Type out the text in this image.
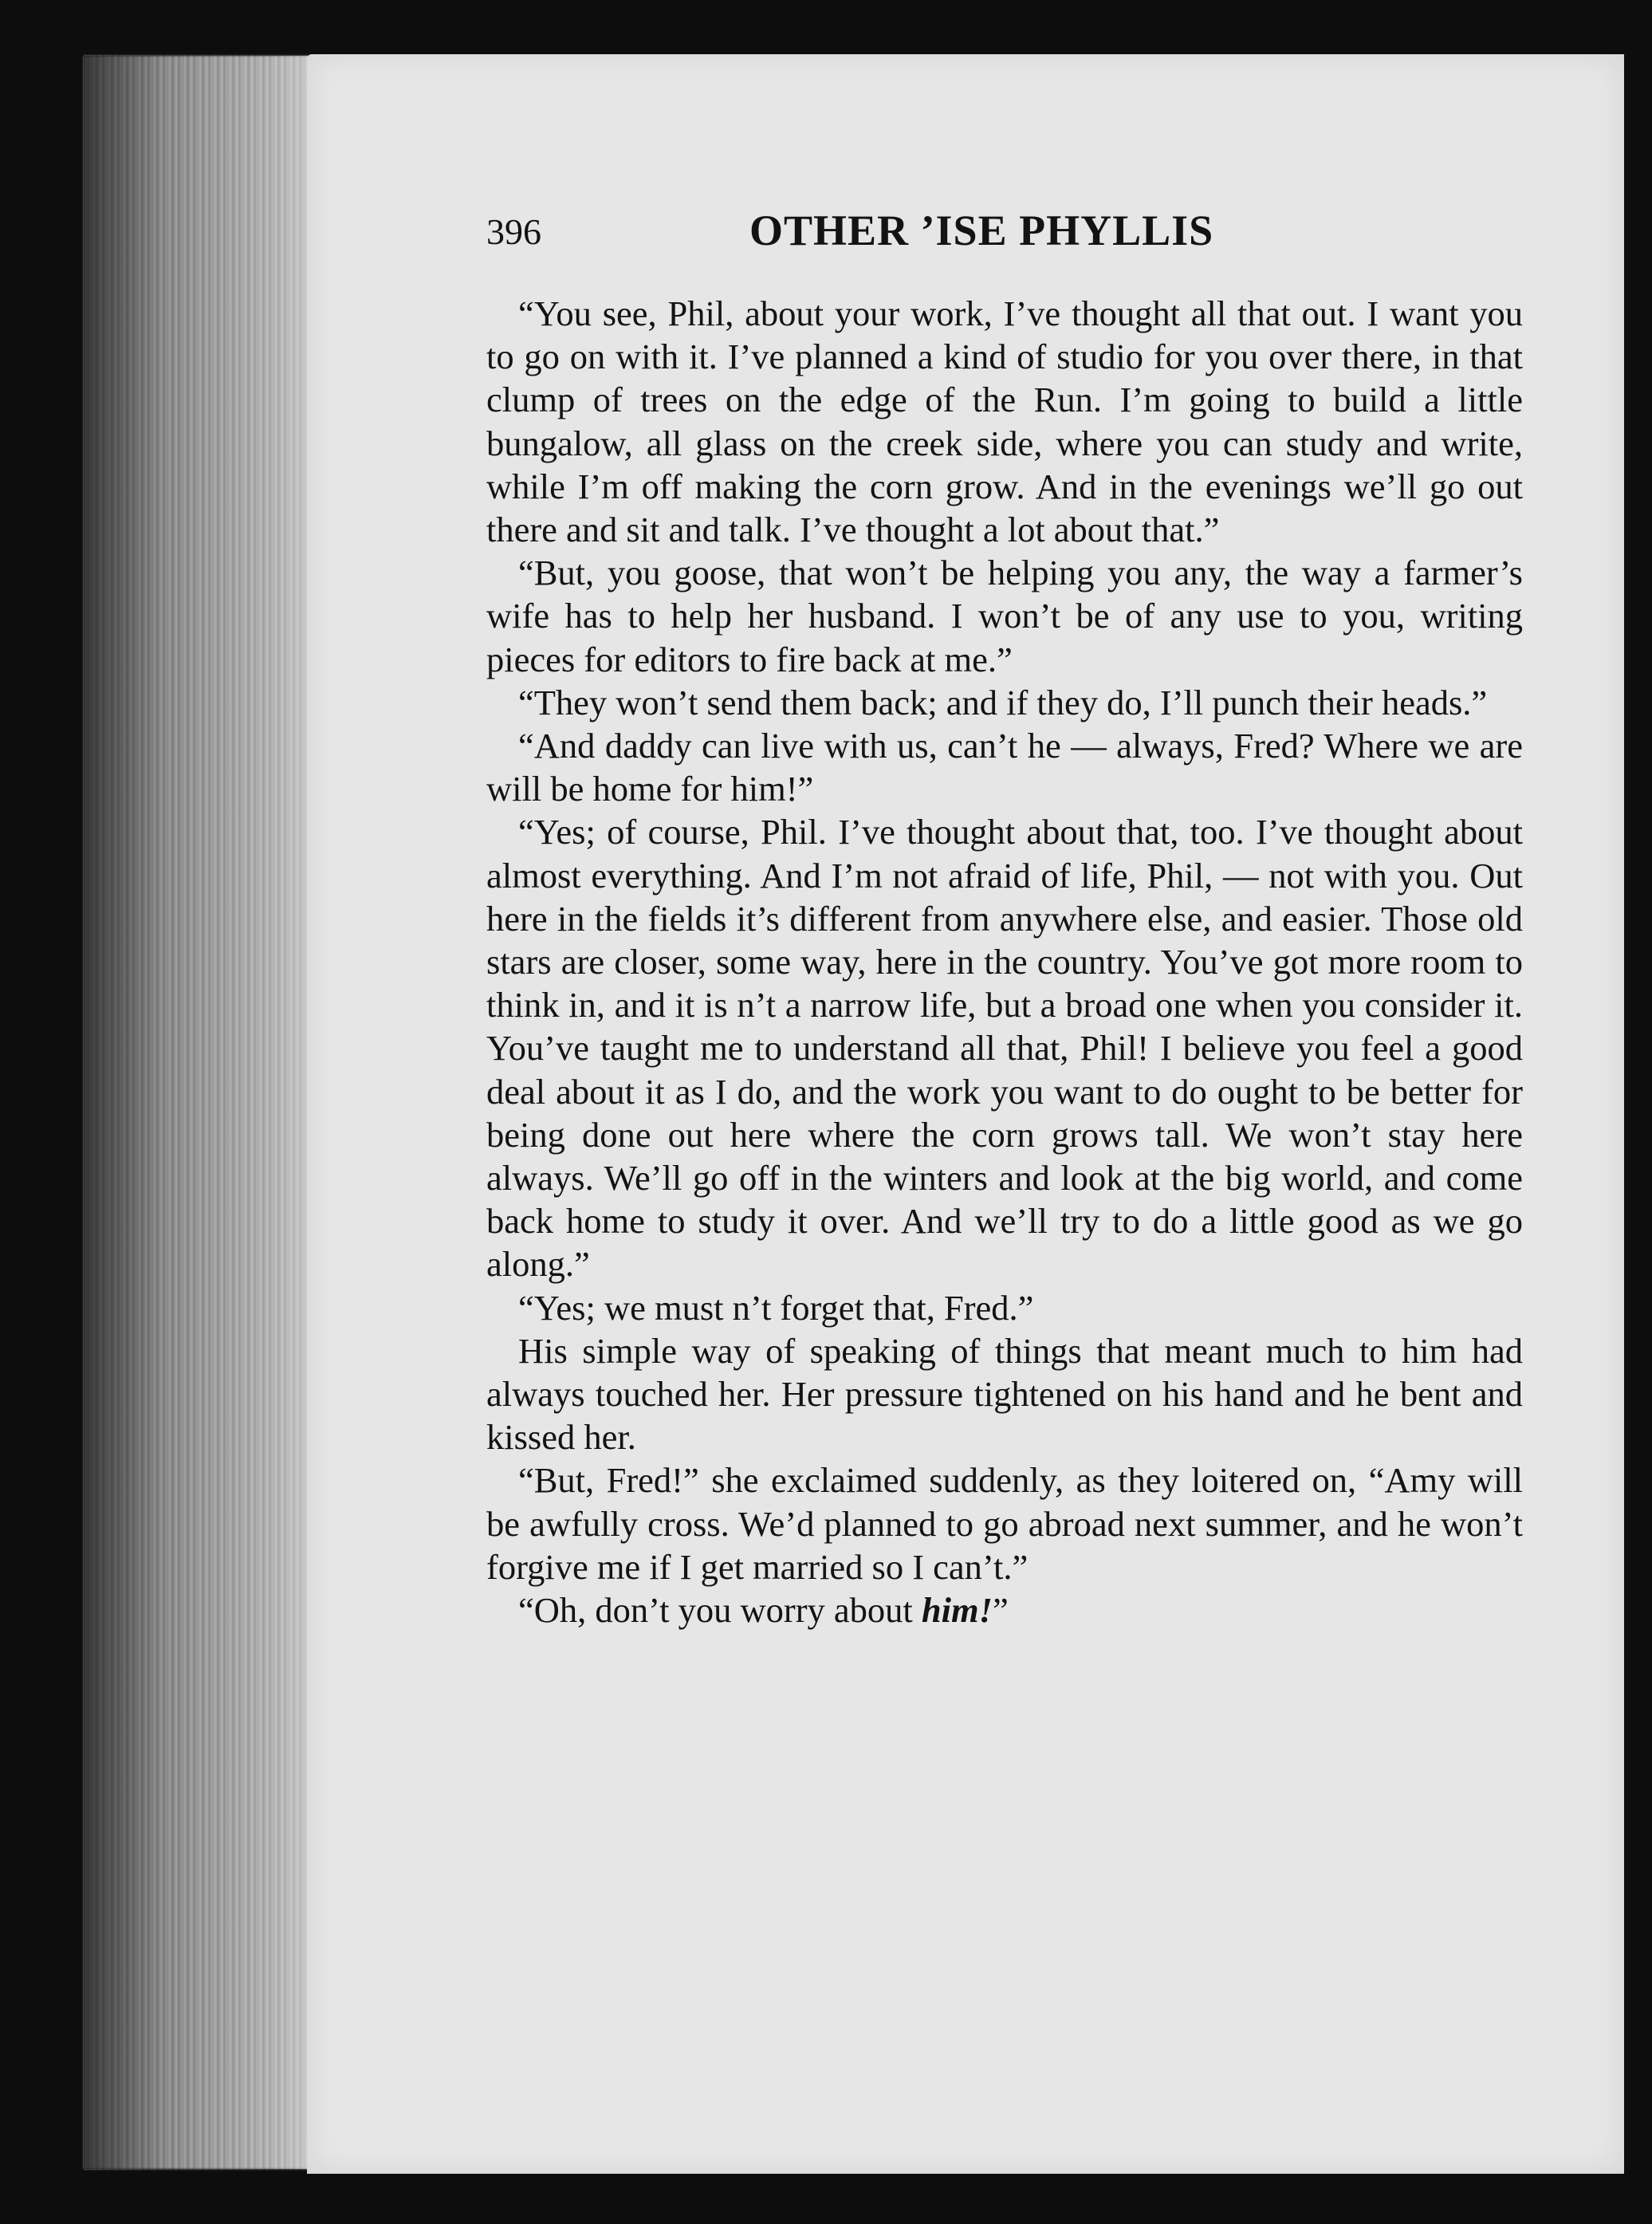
396	OTHER ’ISE PHYLLIS

“You see, Phil, about your work, I’ve thought all that out. I want you to go on with it. I’ve planned a kind of studio for you over there, in that clump of trees on the edge of the Run. I’m going to build a little bungalow, all glass on the creek side, where you can study and write, while I’m off making the corn grow. And in the evenings we’ll go out there and sit and talk. I’ve thought a lot about that.”

“But, you goose, that won’t be helping you any, the way a farmer’s wife has to help her husband. I won’t be of any use to you, writing pieces for editors to fire back at me.”

“They won’t send them back; and if they do, I’ll punch their heads.”

“And daddy can live with us, can’t he — always, Fred? Where we are will be home for him!”

“Yes; of course, Phil. I’ve thought about that, too. I’ve thought about almost everything. And I’m not afraid of life, Phil, — not with you. Out here in the fields it’s different from anywhere else, and easier. Those old stars are closer, some way, here in the country. You’ve got more room to think in, and it is n’t a narrow life, but a broad one when you consider it. You’ve taught me to understand all that, Phil! I believe you feel a good deal about it as I do, and the work you want to do ought to be better for being done out here where the corn grows tall. We won’t stay here always. We’ll go off in the winters and look at the big world, and come back home to study it over. And we’ll try to do a little good as we go along.”

“Yes; we must n’t forget that, Fred.”

His simple way of speaking of things that meant much to him had always touched her. Her pressure tightened on his hand and he bent and kissed her.

“But, Fred!” she exclaimed suddenly, as they loitered on, “Amy will be awfully cross. We’d planned to go abroad next summer, and he won’t forgive me if I get married so I can’t.”

“Oh, don’t you worry about him!”
